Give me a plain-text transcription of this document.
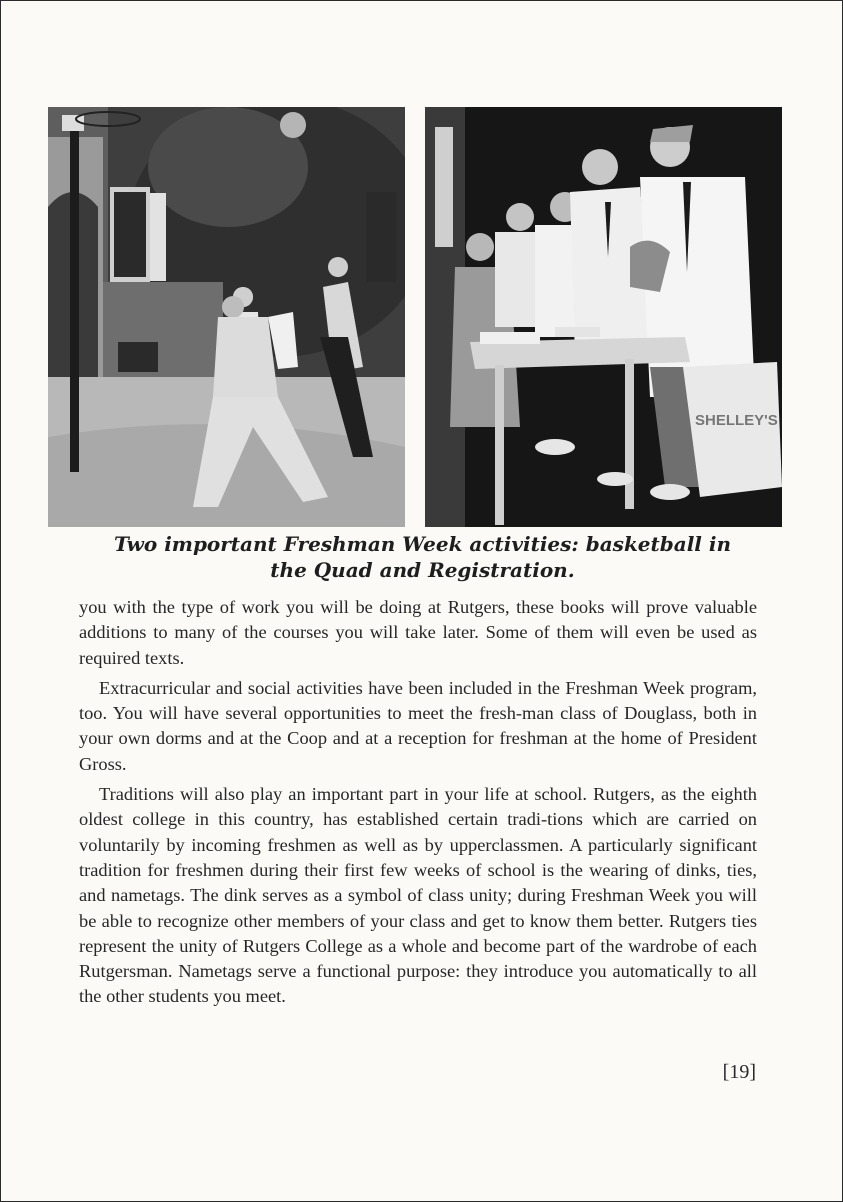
SHELLEY'S
Two important Freshman Week activities: basketball in
the Quad and Registration.

you with the type of work you will be doing at Rutgers, these books will prove valuable additions to many of the courses you will take later. Some of them will even be used as required texts.

Extracurricular and social activities have been included in the Freshman Week program, too. You will have several opportunities to meet the fresh-man class of Douglass, both in your own dorms and at the Coop and at a reception for freshman at the home of President Gross.

Traditions will also play an important part in your life at school. Rutgers, as the eighth oldest college in this country, has established certain tradi-tions which are carried on voluntarily by incoming freshmen as well as by upperclassmen. A particularly significant tradition for freshmen during their first few weeks of school is the wearing of dinks, ties, and nametags. The dink serves as a symbol of class unity; during Freshman Week you will be able to recognize other members of your class and get to know them better. Rutgers ties represent the unity of Rutgers College as a whole and become part of the wardrobe of each Rutgersman. Nametags serve a functional purpose: they introduce you automatically to all the other students you meet.

[19]
